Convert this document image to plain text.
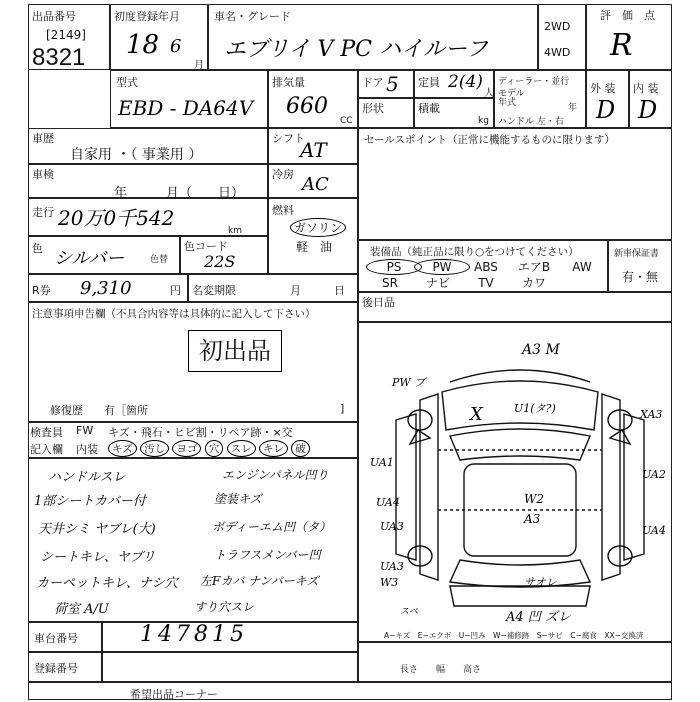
出品番号
[2149]
8321
初度登録年月
18 6
月
車名・グレード
エブリイ V PC ハイルーフ
2WD
4WD
評　価　点
R
型式
EBD - DA64V
排気量
660
CC
ドア 5 定員 2(4)
人
ディーラー・並行
モデル年式	年
ハンドル 左・右
形状	積載
kg
外 装 内 装
D D
車歴
自家用 ・（ 事業用 ）
シフト
AT
車検
年　　　月（　　日）
冷房 AC
走行 20万0千542
km
燃料
ガソリン
軽　油
色 シルバー	色替
色コード
22S
R券 9,310	円 名変期限	月　　　日
セールスポイント（正常に機能するものに限ります）
装備品（純正品に限り○をつけてください）
PS	PW ABS エアB AW
SR ナビ TV カワ
新車保証書
有・無
後日品
注意事項申告欄（不具合内容等は具体的に記入して下さい）
初出品
修復歴 有［箇所	]
検査員
記入欄
FW
内装
キズ・飛石・ヒビ割・リペア跡・×交
キズ 汚し ヨゴ 穴 スレ キレ 破
ハンドルスレ
1部シートカバー付
天井シミ ヤブレ(大)
シートキレ、ヤブリ
カーペットキレ、ナシ穴
荷室 A/U
エンジンパネル凹り
塗装キズ
ボディーエム凹（タ）
トラフスメンバー凹
左Fカバ ナンバーキズ
すり穴スレ
A3 M
PW ブ
U1(タ?)	XA3
X
UA1
UA2
UA4
UA3
W2
A3
UA4
UA3
W3	サオレ
A4 凹 ズレ
スペ
A−キズ　E−エクボ　U−凹み　W−補修跡　S−サビ　C−腐食　XX−交換済
車台番号	147815
登録番号	長さ　　幅　　高さ
希望出品コーナー
